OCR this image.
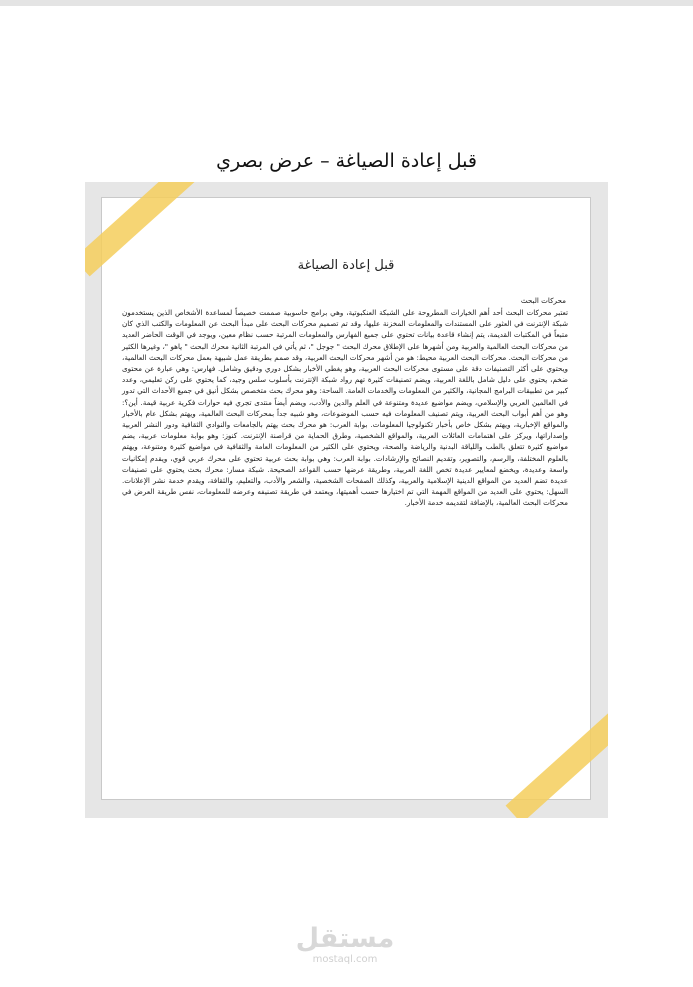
قبل إعادة الصياغة – عرض بصري
قبل إعادة الصياغة

محركات البحث

تعتبر محركات البحث أحد أهم الخيارات المطروحة على الشبكة العنكبوتية، وهي برامج حاسوبية صممت خصيصاً لمساعدة الأشخاص الذين يستخدمون شبكة الإنترنت في العثور على المستندات والمعلومات المخزنة عليها، وقد تم تصميم محركات البحث على مبدأ البحث عن المعلومات والكتب الذي كان متبعاً في المكتبات القديمة، يتم إنشاء قاعدة بيانات تحتوي على جميع الفهارس والمعلومات المرتبة حسب نظام معين، ويوجد في الوقت الحاضر العديد من محركات البحث العالمية والعربية ومن أشهرها على الإطلاق محرك البحث " جوجل "، ثم يأتي في المرتبة الثانية محرك البحث " ياهو "، وغيرها الكثير من محركات البحث. محركات البحث العربية محيط: هو من أشهر محركات البحث العربية، وقد صمم بطريقة عمل شبيهة بعمل محركات البحث العالمية، ويحتوي على أكثر التصنيفات دقة على مستوى محركات البحث العربية، وهو يغطي الأخبار بشكل دوري ودقيق وشامل. فهارس: وهي عبارة عن محتوى ضخم، يحتوي على دليل شامل باللغة العربية، ويضم تصنيفات كثيرة تهم رواد شبكة الإنترنت بأسلوب سلس وجيد، كما يحتوي على ركن تعليمي، وعدد كبير من تطبيقات البرامج المجانية، والكثير من المعلومات والخدمات العامة. الساحة: وهو محرك بحث متخصص بشكل أنيق في جميع الأحداث التي تدور في العالمين العربي والإسلامي، ويضم مواضيع عديدة ومتنوعة في العلم والدين والأدب، ويضم أيضاً منتدى تجري فيه حوارات فكرية عربية قيمة. أين؟: وهو من أهم أبواب البحث العربية، ويتم تصنيف المعلومات فيه حسب الموضوعات، وهو شبيه جداً بمحركات البحث العالمية، ويهتم بشكل عام بالأخبار والمواقع الإخبارية، ويهتم بشكل خاص بأخبار تكنولوجيا المعلومات. بوابة العرب: هو محرك بحث يهتم بالجامعات والنوادي الثقافية ودور النشر العربية وإصداراتها، ويركز على اهتمامات العائلات العربية، والمواقع الشخصية، وطرق الحماية من قراصنة الإنترنت. كنوز: وهو بوابة معلومات عربية، يضم مواضيع كثيرة تتعلق بالطب واللياقة البدنية والرياضة والصحة، ويحتوي على الكثير من المعلومات العامة والثقافية في مواضيع كثيرة ومتنوعة، ويهتم بالعلوم المختلفة، والرسم، والتصوير، وتقديم النصائح والإرشادات. بوابة العرب: وهي بوابة بحث عربية تحتوي على محرك عربي قوي، ويقدم إمكانيات واسعة وعديدة، ويخضع لمعايير عديدة تخص اللغة العربية، وطريقة عرضها حسب القواعد الصحيحة. شبكة مسار: محرك بحث يحتوي على تصنيفات عديدة تضم العديد من المواقع الدينية الإسلامية والعربية، وكذلك الصفحات الشخصية، والشعر والأدب، والتعليم، والثقافة، ويقدم خدمة نشر الإعلانات. السهل: يحتوي على العديد من المواقع المهمة التي تم اختيارها حسب أهميتها، ويعتمد في طريقة تصنيفه وعرضه للمعلومات، نفس طريقة العرض في محركات البحث العالمية، بالإضافة لتقديمه خدمة الأخبار.

مستقل
mostaql.com
